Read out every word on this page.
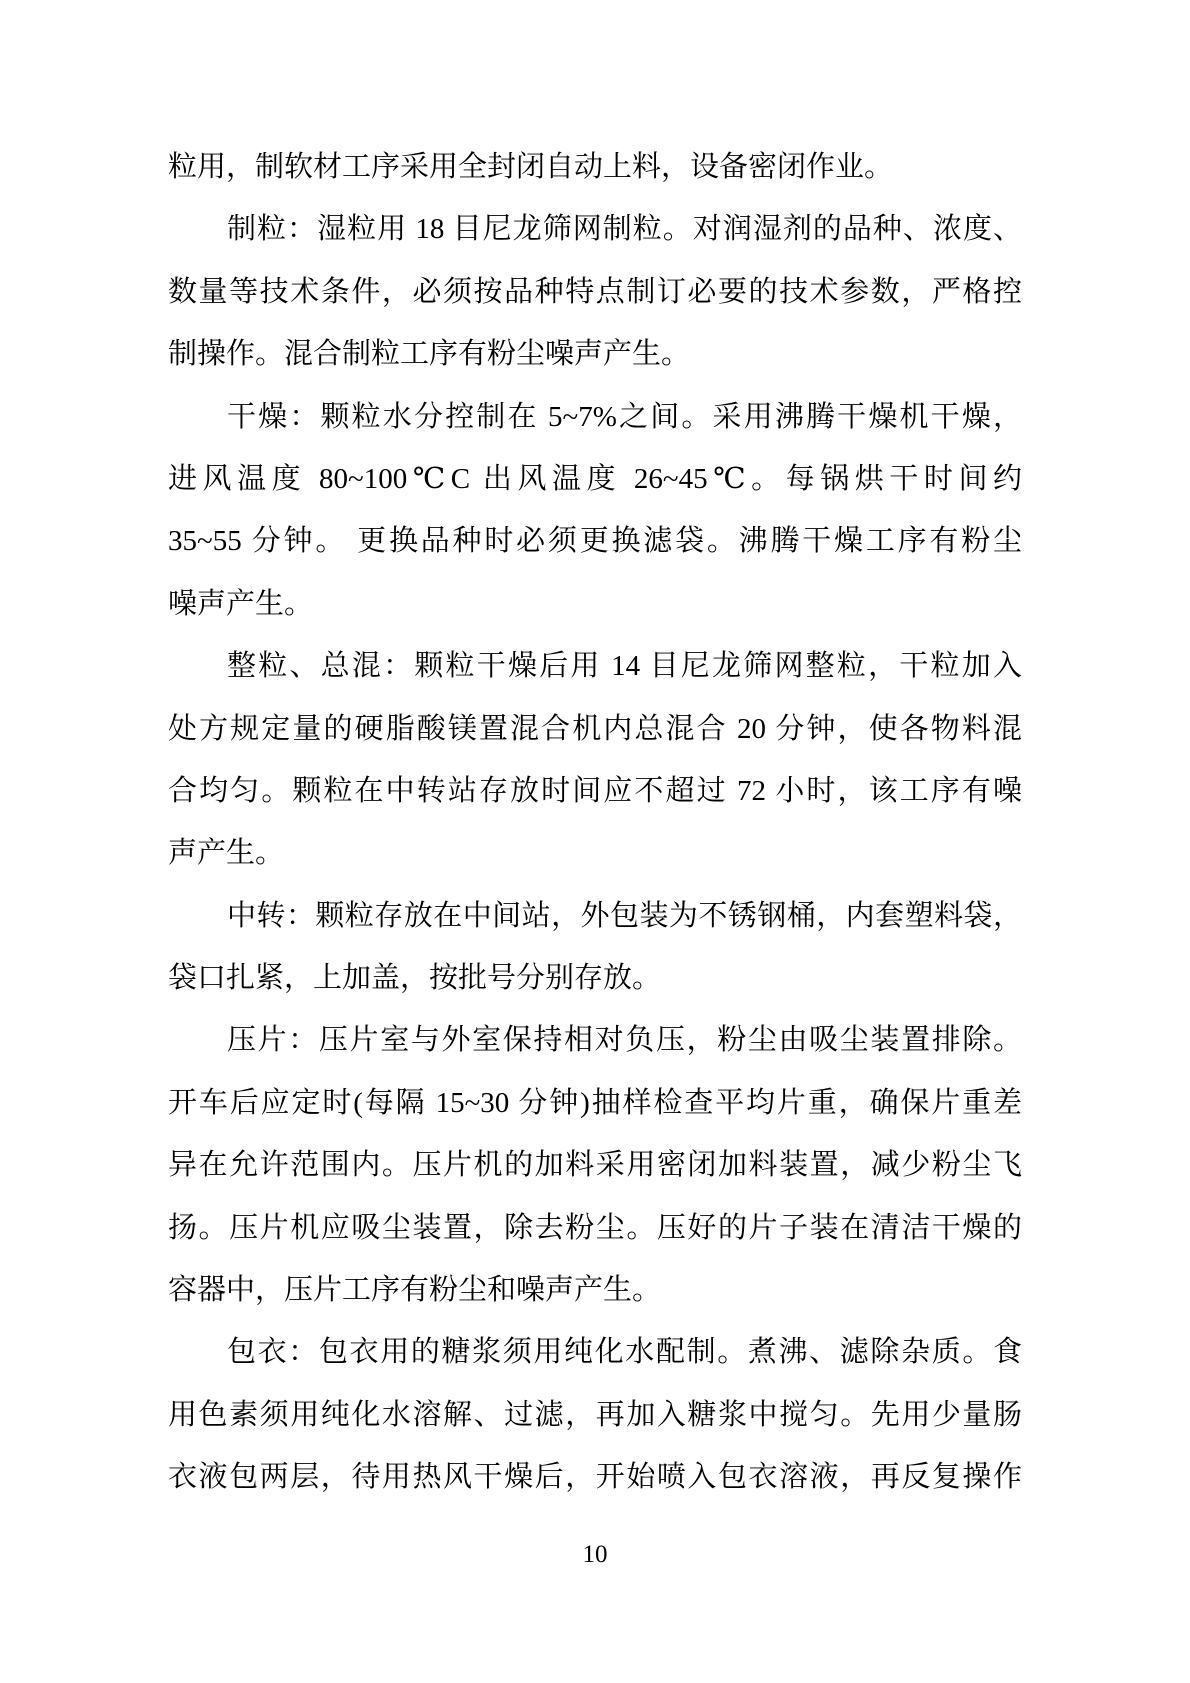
粒用，制软材工序采用全封闭自动上料，设备密闭作业。
制粒：湿粒用 18 目尼龙筛网制粒。对润湿剂的品种、浓度、
数量等技术条件，必须按品种特点制订必要的技术参数，严格控
制操作。混合制粒工序有粉尘噪声产生。
干燥：颗粒水分控制在 5~7%之间。采用沸腾干燥机干燥，
进风温度 80~100℃C 出风温度 26~45℃。每锅烘干时间约
35~55 分钟。 更换品种时必须更换滤袋。沸腾干燥工序有粉尘
噪声产生。
整粒、总混：颗粒干燥后用 14 目尼龙筛网整粒，干粒加入
处方规定量的硬脂酸镁置混合机内总混合 20 分钟，使各物料混
合均匀。颗粒在中转站存放时间应不超过 72 小时，该工序有噪
声产生。
中转：颗粒存放在中间站，外包装为不锈钢桶，内套塑料袋，
袋口扎紧，上加盖，按批号分别存放。
压片：压片室与外室保持相对负压，粉尘由吸尘装置排除。
开车后应定时(每隔 15~30 分钟)抽样检查平均片重，确保片重差
异在允许范围内。压片机的加料采用密闭加料装置，减少粉尘飞
扬。压片机应吸尘装置，除去粉尘。压好的片子装在清洁干燥的
容器中，压片工序有粉尘和噪声产生。
包衣：包衣用的糖浆须用纯化水配制。煮沸、滤除杂质。食
用色素须用纯化水溶解、过滤，再加入糖浆中搅匀。先用少量肠
衣液包两层，待用热风干燥后，开始喷入包衣溶液，再反复操作
10
